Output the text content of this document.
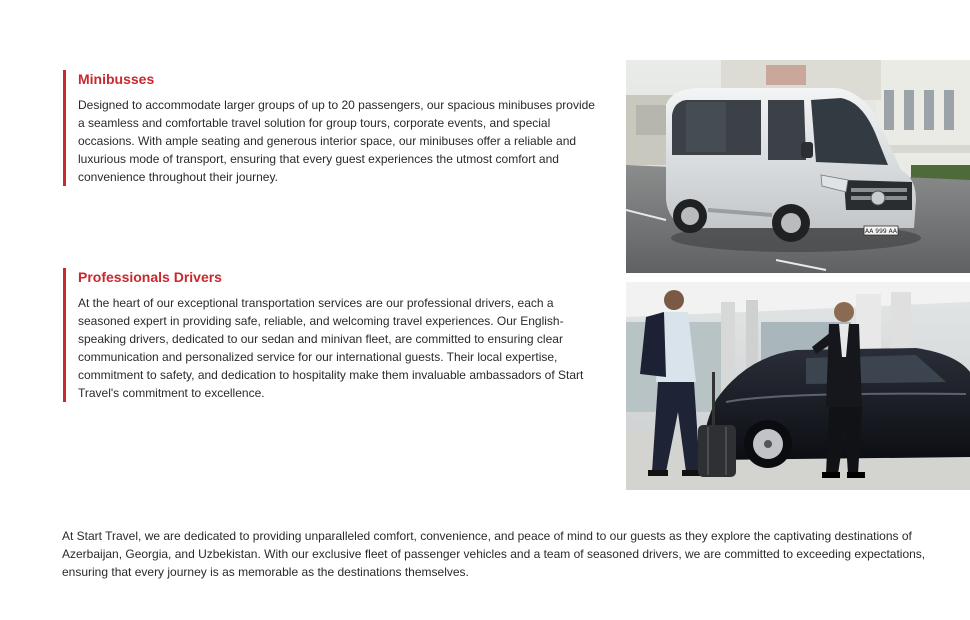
Minibusses

Designed to accommodate larger groups of up to 20 passengers, our spacious minibuses provide a seamless and comfortable travel solution for group tours, corporate events, and special occasions. With ample seating and generous interior space, our minibuses offer a reliable and luxurious mode of transport, ensuring that every guest experiences the utmost comfort and convenience throughout their journey.

Professionals Drivers

At the heart of our exceptional transportation services are our professional drivers, each a seasoned expert in providing safe, reliable, and welcoming travel experiences. Our English-speaking drivers, dedicated to our sedan and minivan fleet, are committed to ensuring clear communication and personalized service for our international guests. Their local expertise, commitment to safety, and dedication to hospitality make them invaluable ambassadors of Start Travel's commitment to excellence.

AA 999 AA

At Start Travel, we are dedicated to providing unparalleled comfort, convenience, and peace of mind to our guests as they explore the captivating destinations of Azerbaijan, Georgia, and Uzbekistan. With our exclusive fleet of passenger vehicles and a team of seasoned drivers, we are committed to exceeding expectations, ensuring that every journey is as memorable as the destinations themselves.
